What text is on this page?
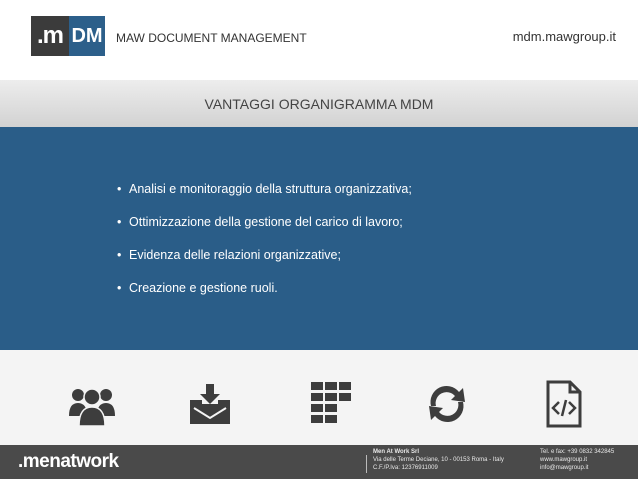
.m DM MAW DOCUMENT MANAGEMENT	mdm.mawgroup.it
VANTAGGI ORGANIGRAMMA MDM
• Analisi e monitoraggio della struttura organizzativa;
• Ottimizzazione della gestione del carico di lavoro;
• Evidenza delle relazioni organizzative;
• Creazione e gestione ruoli.
.menatwork	Men At Work Srl
Via delle Terme Deciane, 10 - 00153 Roma - Italy
C.F./P.Iva: 12376911009
Tel. e fax: +39 0832 342845
www.mawgroup.it
info@mawgroup.it
